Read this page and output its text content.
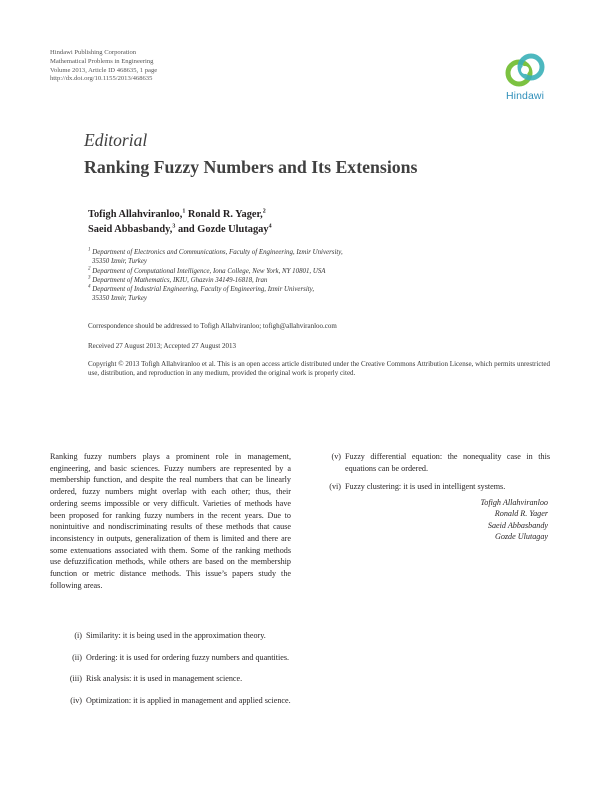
Hindawi Publishing Corporation
Mathematical Problems in Engineering
Volume 2013, Article ID 468635, 1 page
http://dx.doi.org/10.1155/2013/468635
Hindawi
Editorial
Ranking Fuzzy Numbers and Its Extensions
Tofigh Allahviranloo,$^1$ Ronald R. Yager,$^2$
Saeid Abbasbandy,$^3$ and Gozde Ulutagay$^4$
$^1$ Department of Electronics and Communications, Faculty of Engineering, Izmir University,
35350 Izmir, Turkey
$^2$ Department of Computational Intelligence, Iona College, New York, NY 10801, USA
$^3$ Department of Mathematics, IKIU, Ghazvin 34149-16818, Iran
$^4$ Department of Industrial Engineering, Faculty of Engineering, Izmir University,
35350 Izmir, Turkey
Correspondence should be addressed to Tofigh Allahviranloo; tofigh@allahviranloo.com
Received 27 August 2013; Accepted 27 August 2013
Copyright © 2013 Tofigh Allahviranloo et al. This is an open access article distributed under the Creative Commons Attribution License, which permits unrestricted use, distribution, and reproduction in any medium, provided the original work is properly cited.
Ranking fuzzy numbers plays a prominent role in management, engineering, and basic sciences. Fuzzy numbers are represented by a membership function, and despite the real numbers that can be linearly ordered, fuzzy numbers might overlap with each other; thus, their ordering seems impossible or very difficult. Varieties of methods have been proposed for ranking fuzzy numbers in the recent years. Due to nonintuitive and nondiscriminating results of these methods that cause inconsistency in outputs, generalization of them is limited and there are some extenuations associated with them. Some of the ranking methods use defuzzification methods, while others are based on the membership function or metric distance methods. This issue’s papers study the following areas.
(i) Similarity: it is being used in the approximation theory.
(ii) Ordering: it is used for ordering fuzzy numbers and quantities.
(iii) Risk analysis: it is used in management science.
(iv) Optimization: it is applied in management and applied science.
(v) Fuzzy differential equation: the nonequality case in this equations can be ordered.
(vi) Fuzzy clustering: it is used in intelligent systems.
Tofigh Allahviranloo
Ronald R. Yager
Saeid Abbasbandy
Gozde Ulutagay
